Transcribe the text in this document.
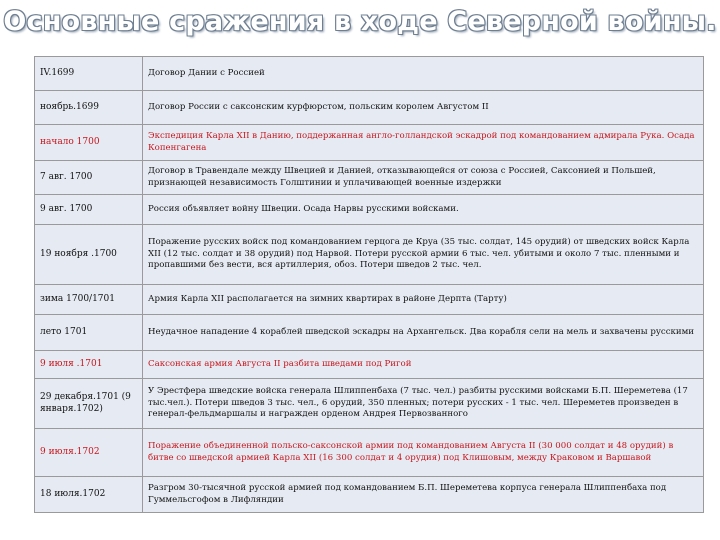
Основные сражения в ходе Северной войны.
IV.1699	Договор Дании с Россией
ноябрь.1699	Договор России с саксонским курфюрстом, польским королем Августом II
начало 1700	Экспедиция Карла XII в Данию, поддержанная англо-голландской эскадрой под командованием адмирала Рука. Осада Копенгагена
7 авг. 1700	Договор в Травендале между Швецией и Данией, отказывающейся от союза с Россией, Саксонией и Польшей, признающей независимость Голштинии и уплачивающей военные издержки
9 авг. 1700	Россия объявляет войну Швеции. Осада Нарвы русскими войсками.
19 ноября .1700	Поражение русских войск под командованием герцога де Круа (35 тыс. солдат, 145 орудий) от шведских войск Карла XII (12 тыс. солдат и 38 орудий) под Нарвой. Потери русской армии 6 тыс. чел. убитыми и около 7 тыс. пленными и пропавшими без вести, вся артиллерия, обоз. Потери шведов 2 тыс. чел.
зима 1700/1701	Армия Карла XII располагается на зимних квартирах в районе Дерпта (Тарту)
лето 1701	Неудачное нападение 4 кораблей шведской эскадры на Архангельск. Два корабля сели на мель и захвачены русскими
9 июля .1701	Саксонская армия Августа II разбита шведами под Ригой
29 декабря.1701 (9 января.1702)	У Эрестфера шведские войска генерала Шлиппенбаха (7 тыс. чел.) разбиты русскими войсками Б.П. Шереметева (17 тыс.чел.). Потери шведов 3 тыс. чел., 6 орудий, 350 пленных; потери русских - 1 тыс. чел. Шереметев произведен в генерал-фельдмаршалы и награжден орденом Андрея Первозванного
9 июля.1702	Поражение объединенной польско-саксонской армии под командованием Августа II (30 000 солдат и 48 орудий) в битве со шведской армией Карла XII (16 300 солдат и 4 орудия) под Клишовым, между Краковом и Варшавой
18 июля.1702	Разгром 30-тысячной русской армией под командованием Б.П. Шереметева корпуса генерала Шлиппенбаха под Гуммельсгофом в Лифляндии
